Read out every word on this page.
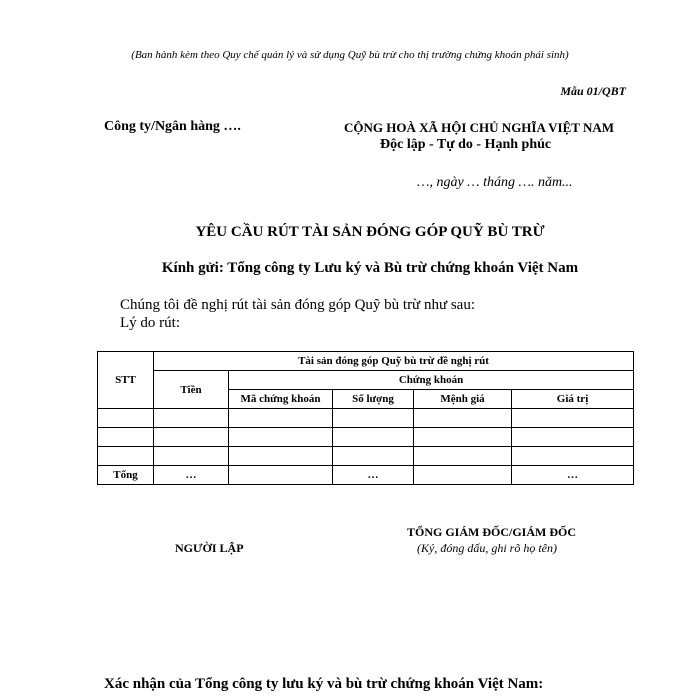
(Ban hành kèm theo Quy chế quản lý và sử dụng Quỹ bù trừ cho thị trường chứng khoán phái sinh)
Mẫu 01/QBT
Công ty/Ngân hàng ….	CỘNG HOÀ XÃ HỘI CHỦ NGHĨA VIỆT NAM
Độc lập - Tự do - Hạnh phúc
…, ngày … tháng …. năm...
YÊU CẦU RÚT TÀI SẢN ĐÓNG GÓP QUỸ BÙ TRỪ
Kính gửi: Tổng công ty Lưu ký và Bù trừ chứng khoán Việt Nam
Chúng tôi đề nghị rút tài sản đóng góp Quỹ bù trừ như sau:
Lý do rút:
STT	Tài sản đóng góp Quỹ bù trừ đề nghị rút				
	Tiền	Chứng khoán			
		Mã chứng khoán	Số lượng	Mệnh giá	Giá trị

Tổng	…		…		…
NGƯỜI LẬP
TỔNG GIÁM ĐỐC/GIÁM ĐỐC
(Ký, đóng dấu, ghi rõ họ tên)
Xác nhận của Tổng công ty lưu ký và bù trừ chứng khoán Việt Nam:
